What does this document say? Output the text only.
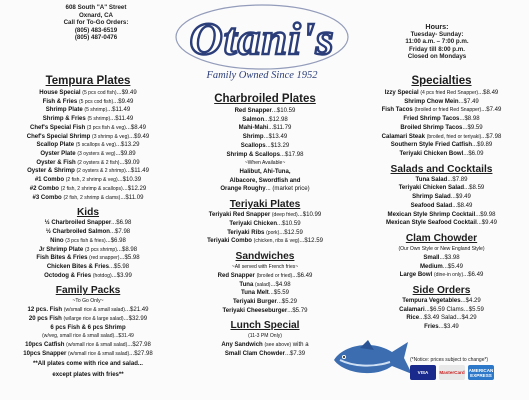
608 South "A" Street
Oxnard, CA
Call for To-Go Orders:
(805) 483-6519
(805) 487-0476	Otani's
Family Owned Since 1952
Hours:
Tuesday- Sunday:
11:00 a.m. – 7:00 p.m.
Friday till 8:00 p.m.
Closed on Mondays
Tempura Plates
House Special (5 pcs cod fish)...$9.49
Fish & Fries (5 pcs cod fish)...$9.49
Shrimp Plate (5 shrimp)...$11.49
Shrimp & Fries (5 shrimp)...$11.49
Chef's Special Fish (3 pcs fish & veg)...$8.49
Chef's Special Shrimp (3 shrimp & veg)...$9.49
Scallop Plate (5 scallops & veg)...$13.29
Oyster Plate (3 oysters & veg)...$9.89
Oyster & Fish (2 oysters & 2 fish)...$9.09
Oyster & Shrimp (2 oysters & 2 shrimp)...$11.49
#1 Combo (2 fish, 2 shrimp & veg)...$10.39
#2 Combo (2 fish, 2 shrimp & scallops)...$12.29
#3 Combo (2 fish, 2 shrimp & clams)...$11.09
Kids
½ Charbroiled Snapper...$6.98
½ Charbroiled Salmon...$7.98
Nino (3 pcs fish & fries)...$6.98
Jr Shrimp Plate (3 pcs shrimp)...$8.98
Fish Bites & Fries (red snapper)...$5.98
Chicken Bites & Fries...$5.98
Octodog & Fries (hotdog)...$3.99
Family Packs
~To Go Only~
12 pcs. Fish (w/small rice & small salad)...$21.49
20 pcs Fish (w/large rice & large salad)...$32.99
6 pcs Fish & 6 pcs Shrimp
(w/veg, small rice & small salad)...$31.49
10pcs Catfish (w/small rice & small salad)...$27.98
10pcs Snapper (w/small rice & small salad)...$27.98
**All plates come with rice and salad...
except plates with fries**
Charbroiled Plates
Red Snapper...$10.59
Salmon...$12.98
Mahi-Mahi...$11.79
Shrimp...$13.49
Scallops...$13.29
Shrimp & Scallops...$17.98
~When Available~
Halibut, Ahi-Tuna,
Albacore, Swordfish and
Orange Roughy... (market price)
Teriyaki Plates
Teriyaki Red Snapper (deep fried)...$10.99
Teriyaki Chicken...$10.59
Teriyaki Ribs (pork)...$12.59
Teriyaki Combo (chicken, ribs & veg)...$12.59
Sandwiches
~All served with French fries~
Red Snapper (broiled or fried)...$6.49
Tuna (salad)...$4.98
Tuna Melt...$5.59
Teriyaki Burger...$5.29
Teriyaki Cheeseburger...$5.79
Lunch Special
(11-3 PM Only)
Any Sandwich (see above) with a
Small Clam Chowder...$7.39
Specialties
Izzy Special (4 pcs fried Red Snapper)...$8.49
Shrimp Chow Mein...$7.49
Fish Tacos (broiled or fried Red Snapper)...$7.49
Fried Shrimp Tacos...$8.98
Broiled Shrimp Tacos...$9.59
Calamari Steak (broiled, fried or teriyaki)...$7.98
Southern Style Fried Catfish...$9.89
Teriyaki Chicken Bowl...$6.09
Salads and Cocktails
Tuna Salad...$7.89
Teriyaki Chicken Salad...$8.59
Shrimp Salad...$9.49
Seafood Salad...$8.49
Mexican Style Shrimp Cocktail...$9.98
Mexican Style Seafood Cocktail...$9.49
Clam Chowder
(Our Own Style or New England Style)
Small...$3.98
Medium...$5.49
Large Bowl (dine-in only)...$6.49
Side Orders
Tempura Vegetables...$4.29
Calamari...$6.59 Clams...$5.59
Rice...$3.49 Salad...$4.29
Fries...$3.49
(*Notice: prices subject to change*)
VISA	MasterCard AMERICAN EXPRESS
